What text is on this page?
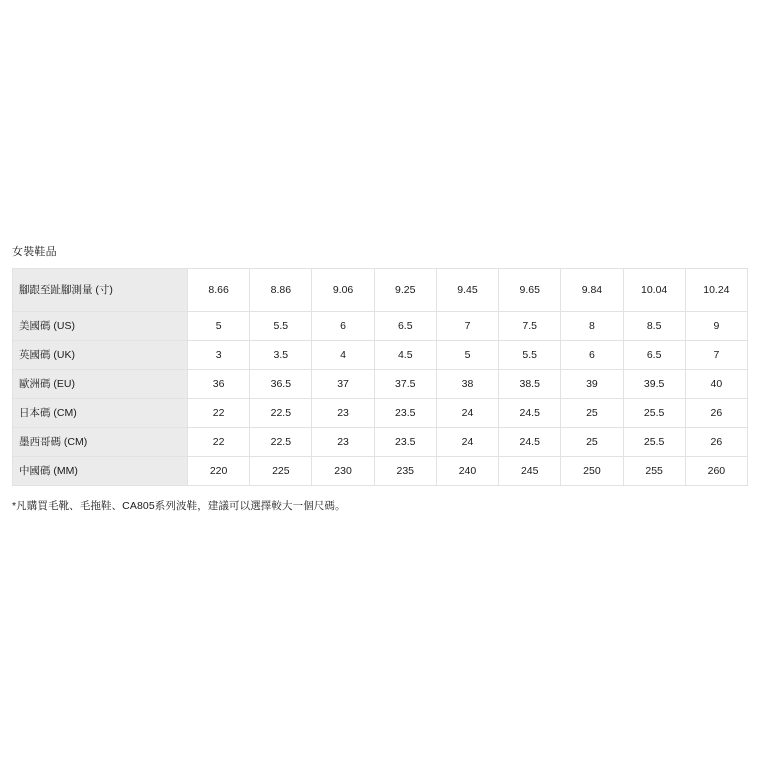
女裝鞋品
腳跟至趾腳測量 (寸)	8.66	8.86	9.06	9.25	9.45	9.65	9.84	10.04	10.24
美國碼 (US)	5	5.5	6	6.5	7	7.5	8	8.5	9
英國碼 (UK)	3	3.5	4	4.5	5	5.5	6	6.5	7
歐洲碼 (EU)	36	36.5	37	37.5	38	38.5	39	39.5	40
日本碼 (CM)	22	22.5	23	23.5	24	24.5	25	25.5	26
墨西哥碼 (CM)	22	22.5	23	23.5	24	24.5	25	25.5	26
中國碼 (MM)	220	225	230	235	240	245	250	255	260
*凡購買毛靴、毛拖鞋、CA805系列波鞋，建議可以選擇較大一個尺碼。
